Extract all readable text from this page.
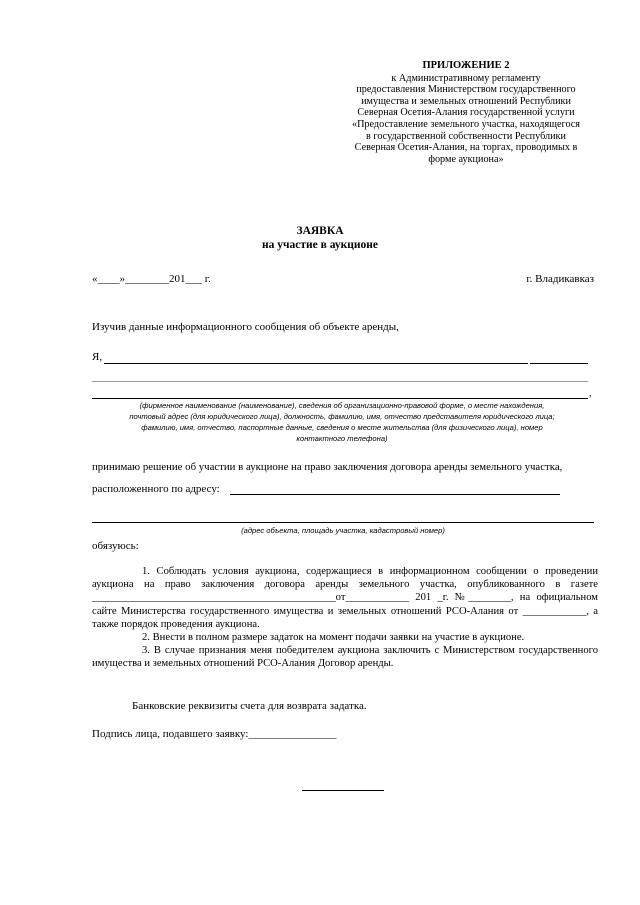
ПРИЛОЖЕНИЕ 2
к Административному регламенту
предоставления Министерством государственного
имущества и земельных отношений Республики
Северная Осетия-Алания государственной услуги
«Предоставление земельного участка, находящегося
в государственной собственности Республики
Северная Осетия-Алания, на торгах, проводимых в
форме аукциона»
ЗАЯВКА
на участие в аукционе
«____»________201___ г.	г. Владикавказ
Изучив данные информационного сообщения об объекте аренды,
Я,
,
(фирменное наименование (наименование), сведения об организационно-правовой форме, о месте нахождения,
почтовый адрес (для юридического лица), должность, фамилию, имя, отчество представителя юридического лица;
фамилию, имя, отчество, паспортные данные, сведения о месте жительства (для физического лица), номер
контактного телефона)
принимаю решение об участии в аукционе на право заключения договора аренды земельного участка,
расположенного по адресу:
(адрес объекта, площадь участка, кадастровый номер)
обязуюсь:
1. Соблюдать условия аукциона, содержащиеся в информационном сообщении о проведении аукциона на право заключения договора аренды земельного участка, опубликованного в газете ______________________________________________от____________ 201 _г. №________, на официальном сайте Министерства государственного имущества и земельных отношений РСО-Алания от ____________, а также порядок проведения аукциона.
2. Внести в полном размере задаток на момент подачи заявки на участие в аукционе.
3. В случае признания меня победителем аукциона заключить с Министерством государственного имущества и земельных отношений РСО-Алания Договор аренды.
Банковские реквизиты счета для возврата задатка.
Подпись лица, подавшего заявку:________________
